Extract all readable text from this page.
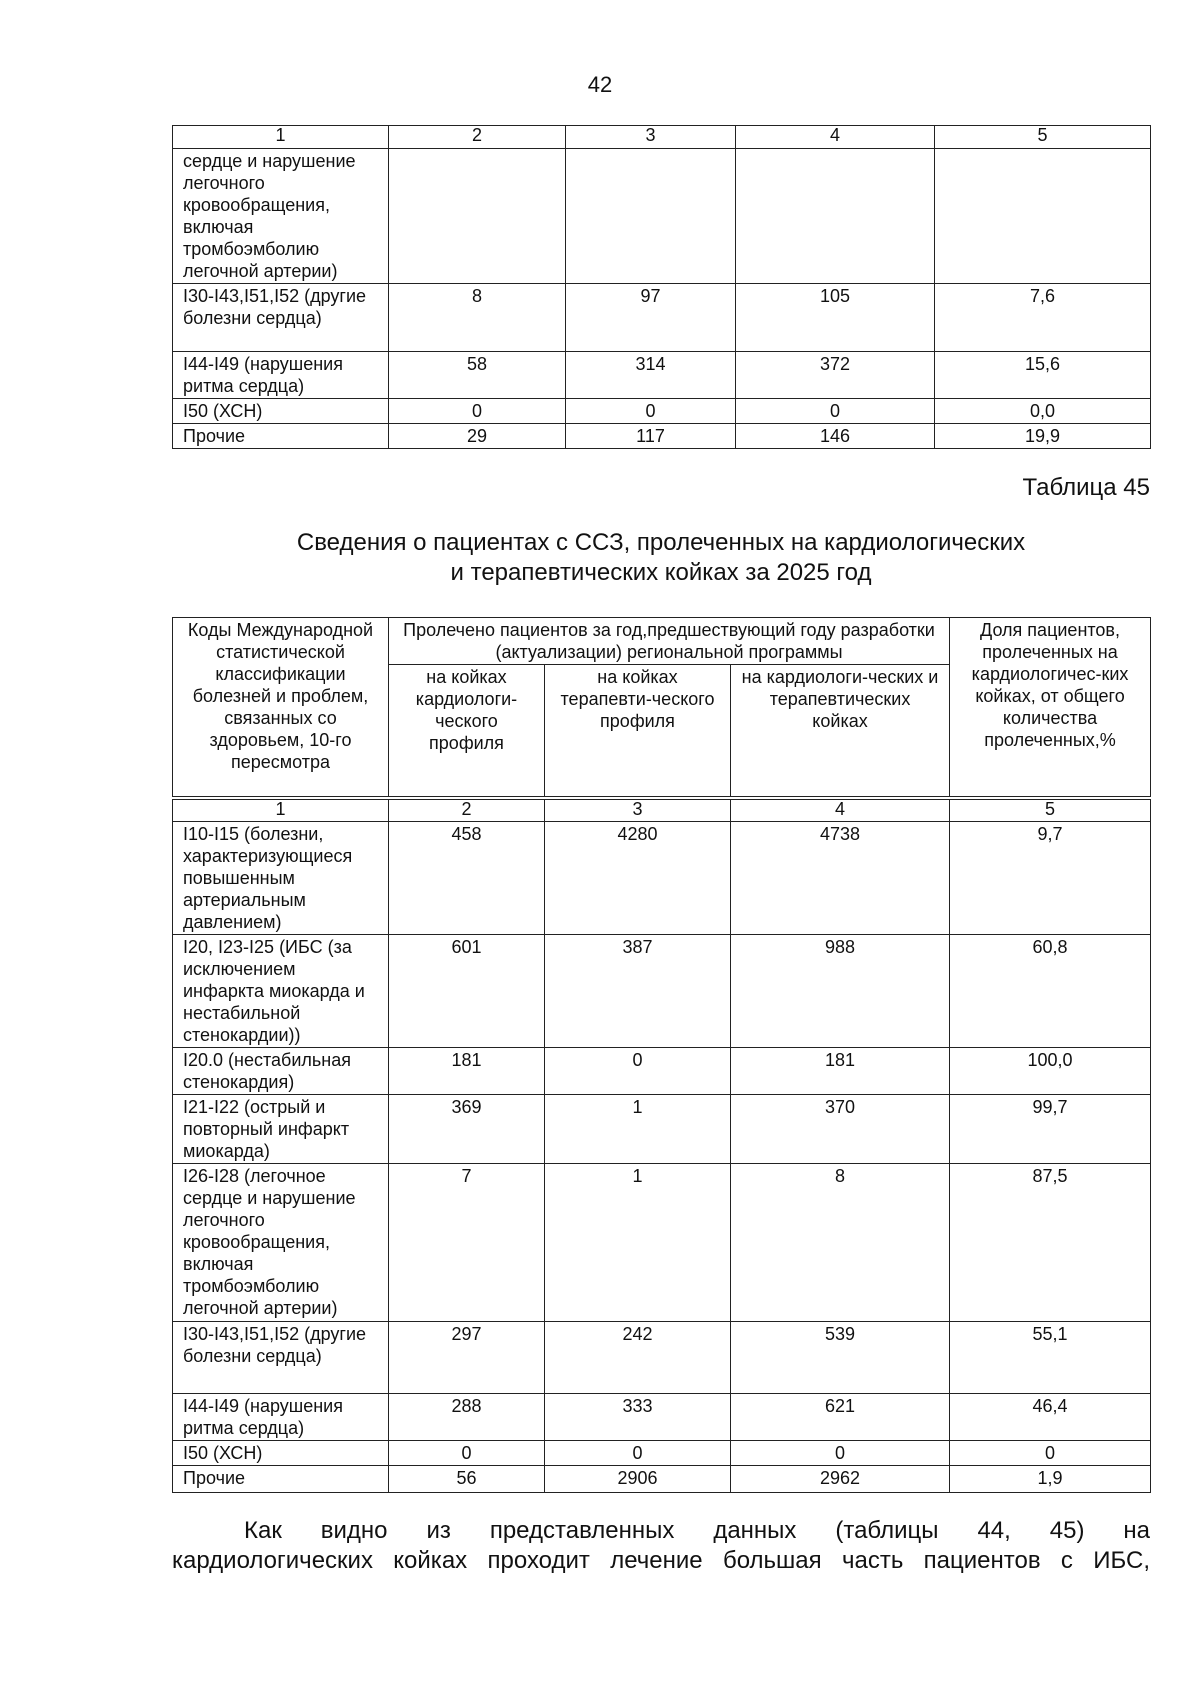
42
1	2	3	4	5
сердце и нарушение легочного кровообращения, включая тромбоэмболию легочной артерии)				
I30-I43,I51,I52 (другие болезни сердца)	8	97	105	7,6
I44-I49 (нарушения ритма сердца)	58	314	372	15,6
I50 (ХСН)	0	0	0	0,0
Прочие	29	117	146	19,9
Таблица 45
Сведения о пациентах с ССЗ, пролеченных на кардиологических
и терапевтических койках за 2025 год
Коды Международной статистической классификации болезней и проблем, связанных со здоровьем, 10-го пересмотра	Пролечено пациентов за год,предшествующий году разработки (актуализации) региональной программы			Доля пациентов, пролеченных на кардиологичес-ких койках, от общего количества пролеченных,%
	на койках кардиологи-ческого профиля	на койках терапевти-ческого профиля	на кардиологи-ческих и терапевтических койках	
1	2	3	4	5
I10-I15 (болезни, характеризующиеся повышенным артериальным давлением)	458	4280	4738	9,7
I20, I23-I25 (ИБС (за исключением инфаркта миокарда и нестабильной стенокардии))	601	387	988	60,8
I20.0 (нестабильная стенокардия)	181	0	181	100,0
I21-I22 (острый и повторный инфаркт миокарда)	369	1	370	99,7
I26-I28 (легочное сердце и нарушение легочного кровообращения, включая тромбоэмболию легочной артерии)	7	1	8	87,5
I30-I43,I51,I52 (другие болезни сердца)	297	242	539	55,1
I44-I49 (нарушения ритма сердца)	288	333	621	46,4
I50 (ХСН)	0	0	0	0
Прочие	56	2906	2962	1,9
Как видно из представленных данных (таблицы 44, 45) на
кардиологических койках проходит лечение большая часть пациентов с ИБС,
